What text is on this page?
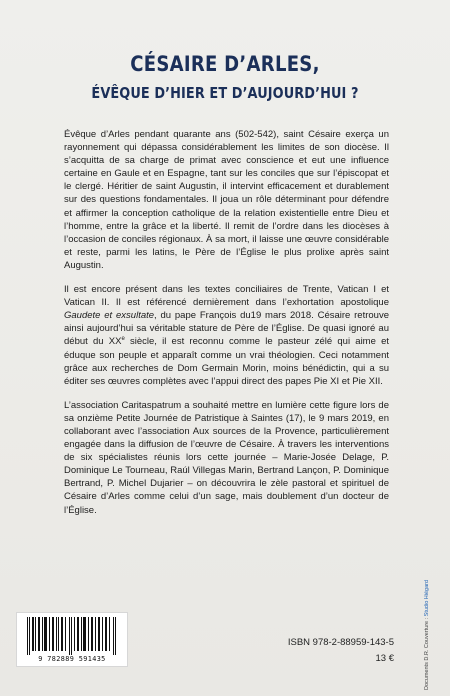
CÉSAIRE D’ARLES,
ÉVÊQUE D’HIER ET D’AUJOURD’HUI ?

Évêque d’Arles pendant quarante ans (502-542), saint Césaire exerça un rayonnement qui dépassa considérablement les limites de son diocèse. Il s’acquitta de sa charge de primat avec conscience et eut une influence certaine en Gaule et en Espagne, tant sur les conciles que sur l’épiscopat et le clergé. Héritier de saint Augustin, il intervint efficacement et durablement sur des questions fondamentales. Il joua un rôle déterminant pour défendre et affirmer la conception catholique de la relation existentielle entre Dieu et l’homme, entre la grâce et la liberté. Il remit de l’ordre dans les diocèses à l’occasion de conciles régionaux. À sa mort, il laisse une œuvre considérable et reste, parmi les latins, le Père de l’Église le plus prolixe après saint Augustin.

Il est encore présent dans les textes conciliaires de Trente, Vatican I et Vatican II. Il est référencé dernièrement dans l’exhortation apostolique Gaudete et exsultate, du pape François du19 mars 2018. Césaire retrouve ainsi aujourd’hui sa véritable stature de Père de l’Église. De quasi ignoré au début du XXe siècle, il est reconnu comme le pasteur zélé qui aime et éduque son peuple et apparaît comme un vrai théologien. Ceci notamment grâce aux recherches de Dom Germain Morin, moins bénédictin, qui a su éditer ses œuvres complètes avec l’appui direct des papes Pie XI et Pie XII.

L’association Caritaspatrum a souhaité mettre en lumière cette figure lors de sa onzième Petite Journée de Patristique à Saintes (17), le 9 mars 2019, en collaborant avec l’association Aux sources de la Provence, particulièrement engagée dans la diffusion de l’œuvre de Césaire. À travers les interventions de six spécialistes réunis lors cette journée – Marie-Josée Delage, P. Dominique Le Tourneau, Raúl Villegas Marin, Bertrand Lançon, P. Dominique Bertrand, P. Michel Dujarier – on découvrira le zèle pastoral et spirituel de Césaire d’Arles comme celui d’un sage, mais doublement d’un docteur de l’Église.

9 782889 591435
ISBN 978-2-88959-143-5
13 €	Documents D.R. Couverture : Studio Hiégard
